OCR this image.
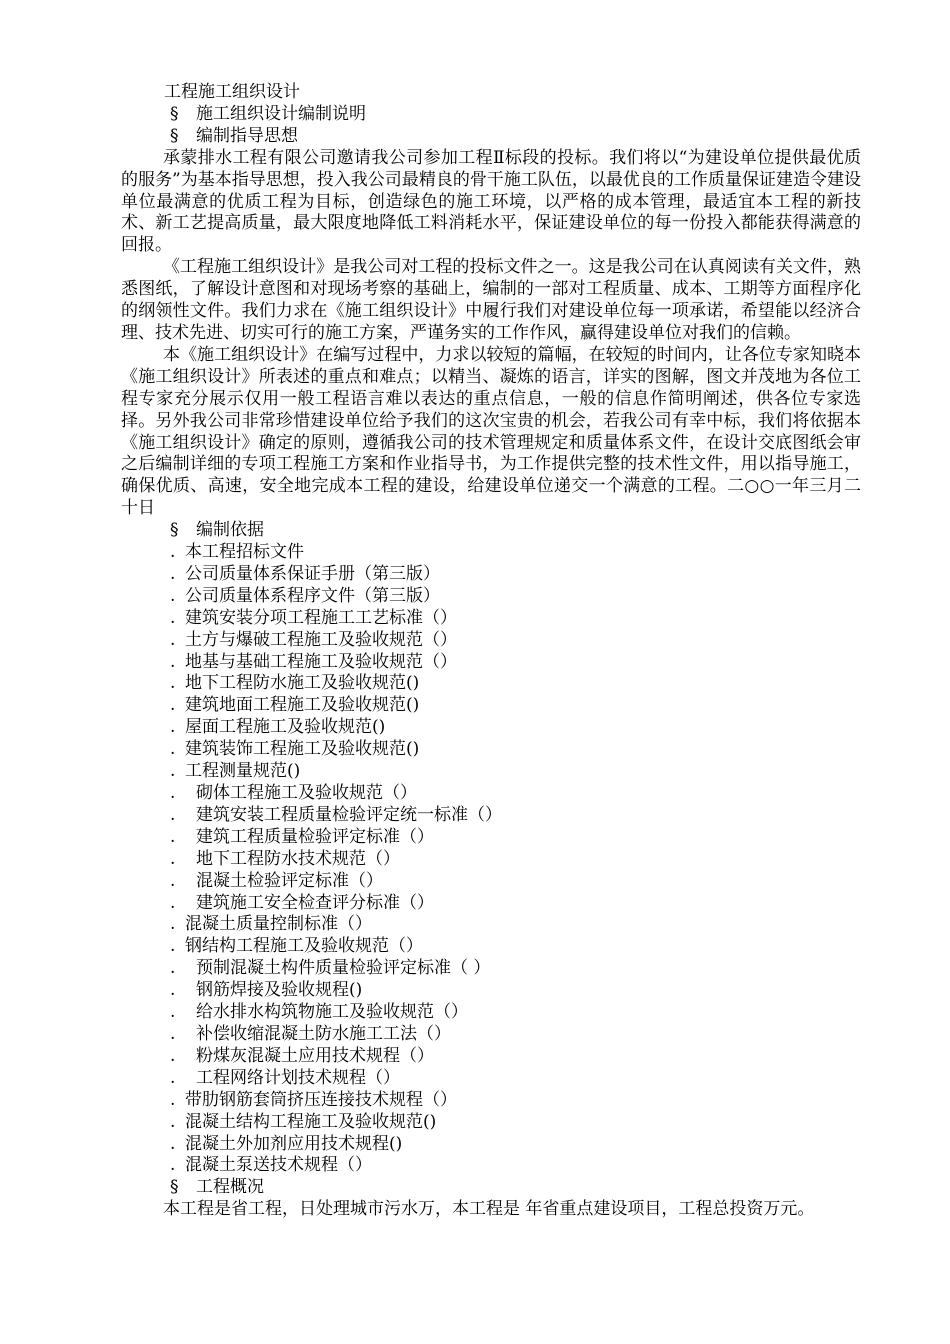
工程施工组织设计
§ 施工组织设计编制说明
§ 编制指导思想

承蒙排水工程有限公司邀请我公司参加工程Ⅱ标段的投标。我们将以“为建设单位提供最优质的服务”为基本指导思想，投入我公司最精良的骨干施工队伍，以最优良的工作质量保证建造令建设单位最满意的优质工程为目标，创造绿色的施工环境，以严格的成本管理，最适宜本工程的新技术、新工艺提高质量，最大限度地降低工料消耗水平，保证建设单位的每一份投入都能获得满意的回报。

《工程施工组织设计》是我公司对工程的投标文件之一。这是我公司在认真阅读有关文件，熟悉图纸，了解设计意图和对现场考察的基础上，编制的一部对工程质量、成本、工期等方面程序化的纲领性文件。我们力求在《施工组织设计》中履行我们对建设单位每一项承诺，希望能以经济合理、技术先进、切实可行的施工方案，严谨务实的工作作风，赢得建设单位对我们的信赖。

本《施工组织设计》在编写过程中，力求以较短的篇幅，在较短的时间内，让各位专家知晓本《施工组织设计》所表述的重点和难点；以精当、凝炼的语言，详实的图解，图文并茂地为各位工程专家充分展示仅用一般工程语言难以表达的重点信息，一般的信息作简明阐述，供各位专家选择。另外我公司非常珍惜建设单位给予我们的这次宝贵的机会，若我公司有幸中标，我们将依据本《施工组织设计》确定的原则，遵循我公司的技术管理规定和质量体系文件，在设计交底图纸会审之后编制详细的专项工程施工方案和作业指导书，为工作提供完整的技术性文件，用以指导施工，确保优质、高速，安全地完成本工程的建设，给建设单位递交一个满意的工程。二○○一年三月二十日

§ 编制依据
. 本工程招标文件
. 公司质量体系保证手册（第三版）
. 公司质量体系程序文件（第三版）
. 建筑安装分项工程施工工艺标准（）
. 土方与爆破工程施工及验收规范（）
. 地基与基础工程施工及验收规范（）
. 地下工程防水施工及验收规范()
. 建筑地面工程施工及验收规范()
. 屋面工程施工及验收规范()
. 建筑装饰工程施工及验收规范()
. 工程测量规范()
. 砌体工程施工及验收规范（）
. 建筑安装工程质量检验评定统一标准（）
. 建筑工程质量检验评定标准（）
. 地下工程防水技术规范（）
. 混凝土检验评定标准（）
. 建筑施工安全检查评分标准（）
. 混凝土质量控制标准（）
. 钢结构工程施工及验收规范（）
. 预制混凝土构件质量检验评定标准（ ）
. 钢筋焊接及验收规程()
. 给水排水构筑物施工及验收规范（）
. 补偿收缩混凝土防水施工工法（）
. 粉煤灰混凝土应用技术规程（）
. 工程网络计划技术规程（）
. 带肋钢筋套筒挤压连接技术规程（）
. 混凝土结构工程施工及验收规范()
. 混凝土外加剂应用技术规程()
. 混凝土泵送技术规程（）
§ 工程概况

本工程是省工程，日处理城市污水万，本工程是 年省重点建设项目，工程总投资万元。
